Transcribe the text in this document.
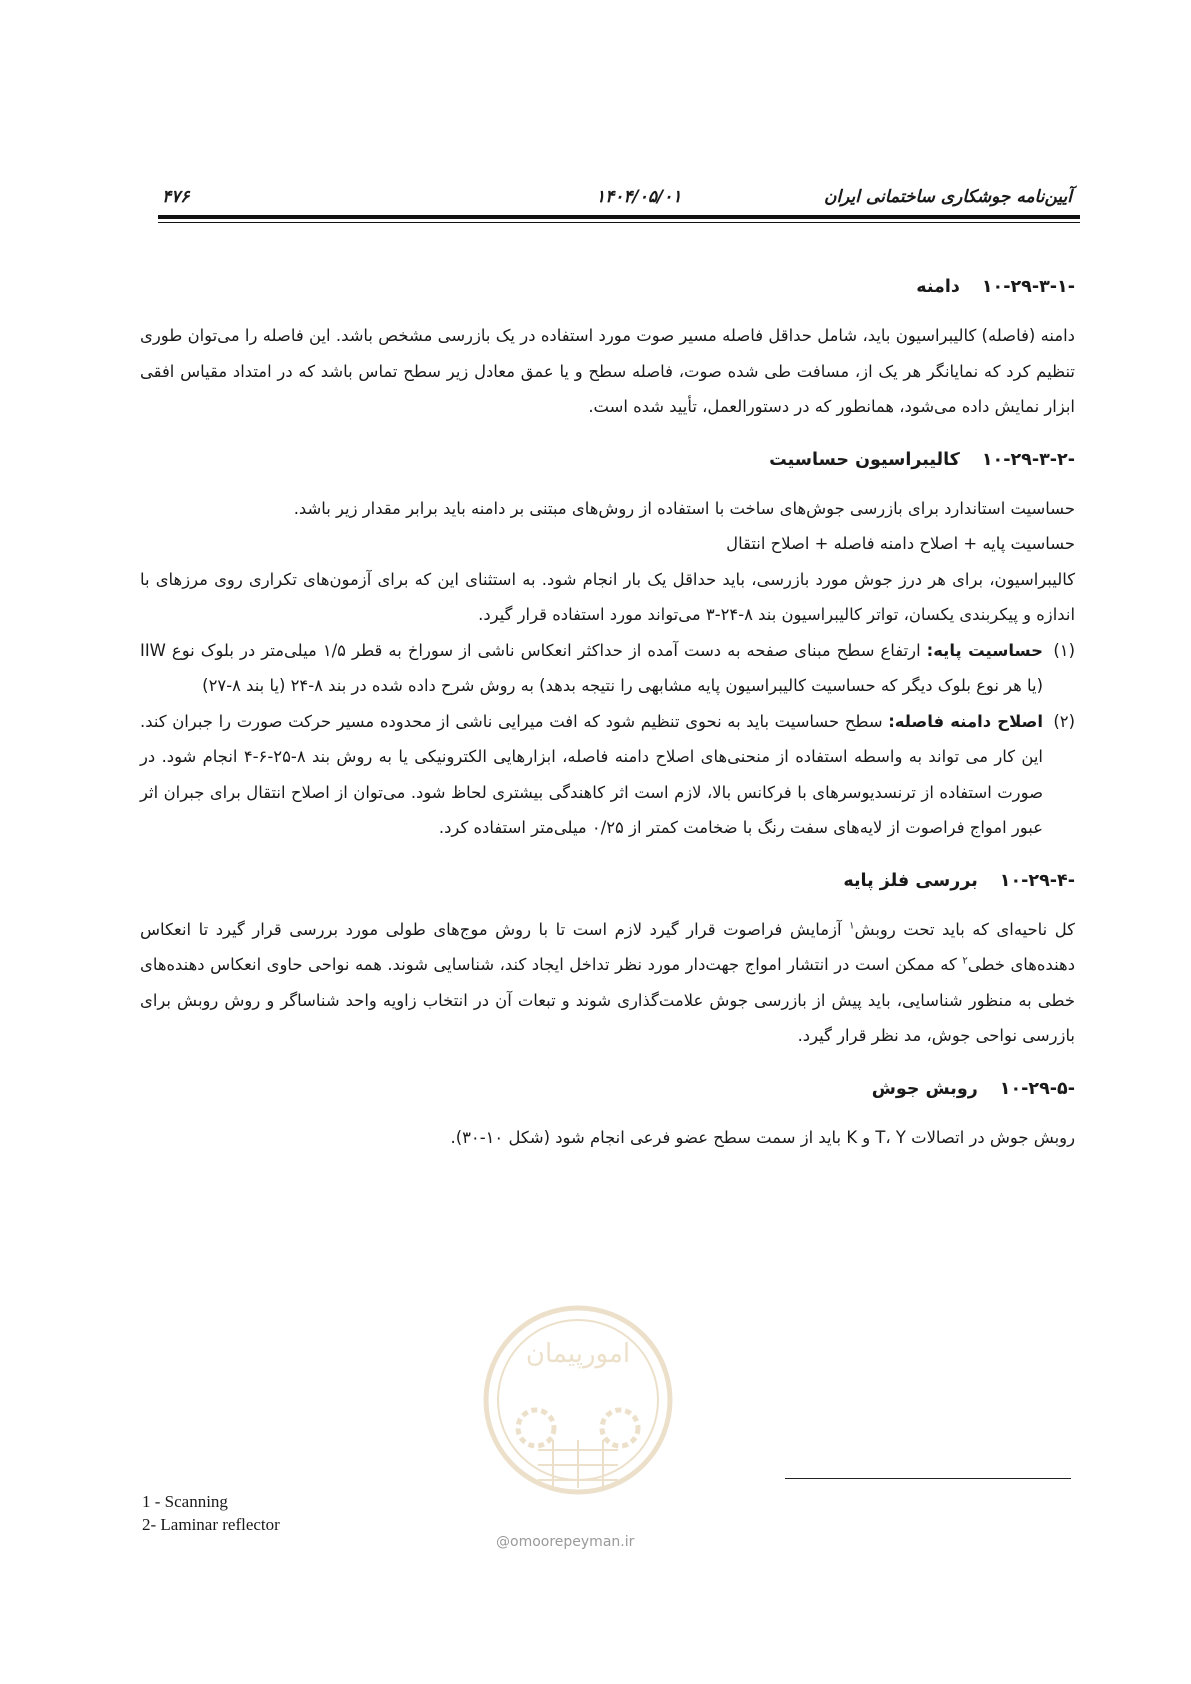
۴۷۶	۱۴۰۴/۰۵/۰۱	آیین‌نامه جوشکاری ساختمانی ایران
۱۰-۲۹-۳-۱-دامنه

دامنه (فاصله) کالیبراسیون باید، شامل حداقل فاصله مسیر صوت مورد استفاده در یک بازرسی مشخص باشد. این فاصله را می‌توان طوری تنظیم کرد که نمایانگر هر یک از، مسافت طی شده صوت، فاصله سطح و یا عمق معادل زیر سطح تماس باشد که در امتداد مقیاس افقی ابزار نمایش داده می‌شود، همانطور که در دستورالعمل، تأیید شده است.

۱۰-۲۹-۳-۲-کالیبراسیون حساسیت

حساسیت استاندارد برای بازرسی جوش‌های ساخت با استفاده از روش‌های مبتنی بر دامنه باید برابر مقدار زیر باشد.

حساسیت پایه + اصلاح دامنه فاصله + اصلاح انتقال

کالیبراسیون، برای هر درز جوش مورد بازرسی، باید حداقل یک بار انجام شود. به استثنای این که برای آزمون‌های تکراری روی مرزهای با اندازه و پیکربندی یکسان، تواتر کالیبراسیون بند ۸-۲۴-۳ می‌تواند مورد استفاده قرار گیرد.

(۱)
حساسیت پایه: ارتفاع سطح مبنای صفحه به دست آمده از حداکثر انعکاس ناشی از سوراخ به قطر ۱/۵ میلی‌متر در بلوک نوع IIW (یا هر نوع بلوک دیگر که حساسیت کالیبراسیون پایه مشابهی را نتیجه بدهد) به روش شرح داده شده در بند ۸-۲۴ (یا بند ۸-۲۷)
(۲)
اصلاح دامنه فاصله: سطح حساسیت باید به نحوی تنظیم شود که افت میرایی ناشی از محدوده مسیر حرکت صورت را جبران کند. این کار می تواند به واسطه استفاده از منحنی‌های اصلاح دامنه فاصله، ابزارهایی الکترونیکی یا به روش بند ۸-۲۵-۶-۴ انجام شود. در صورت استفاده از ترنسدیوسرهای با فرکانس بالا، لازم است اثر کاهندگی بیشتری لحاظ شود. می‌توان از اصلاح انتقال برای جبران اثر عبور امواج فراصوت از لایه‌های سفت رنگ با ضخامت کمتر از ۰/۲۵ میلی‌متر استفاده کرد.
۱۰-۲۹-۴-بررسی فلز پایه

کل ناحیه‌ای که باید تحت روبش$^۱$ آزمایش فراصوت قرار گیرد لازم است تا با روش موج‌های طولی مورد بررسی قرار گیرد تا انعکاس دهنده‌های خطی$^۲$ که ممکن است در انتشار امواج جهت‌دار مورد نظر تداخل ایجاد کند، شناسایی شوند. همه نواحی حاوی انعکاس دهنده‌های خطی به منظور شناسایی، باید پیش از بازرسی جوش علامت‌گذاری شوند و تبعات آن در انتخاب زاویه واحد شناساگر و روش روبش برای بازرسی نواحی جوش، مد نظر قرار گیرد.

۱۰-۲۹-۵-روبش جوش

روبش جوش در اتصالات T، Y و K باید از سمت سطح عضو فرعی انجام شود (شکل ۱۰-۳۰).

امورپیمان
@omoorepeyman.ir
1 - Scanning
2- Laminar reflector
